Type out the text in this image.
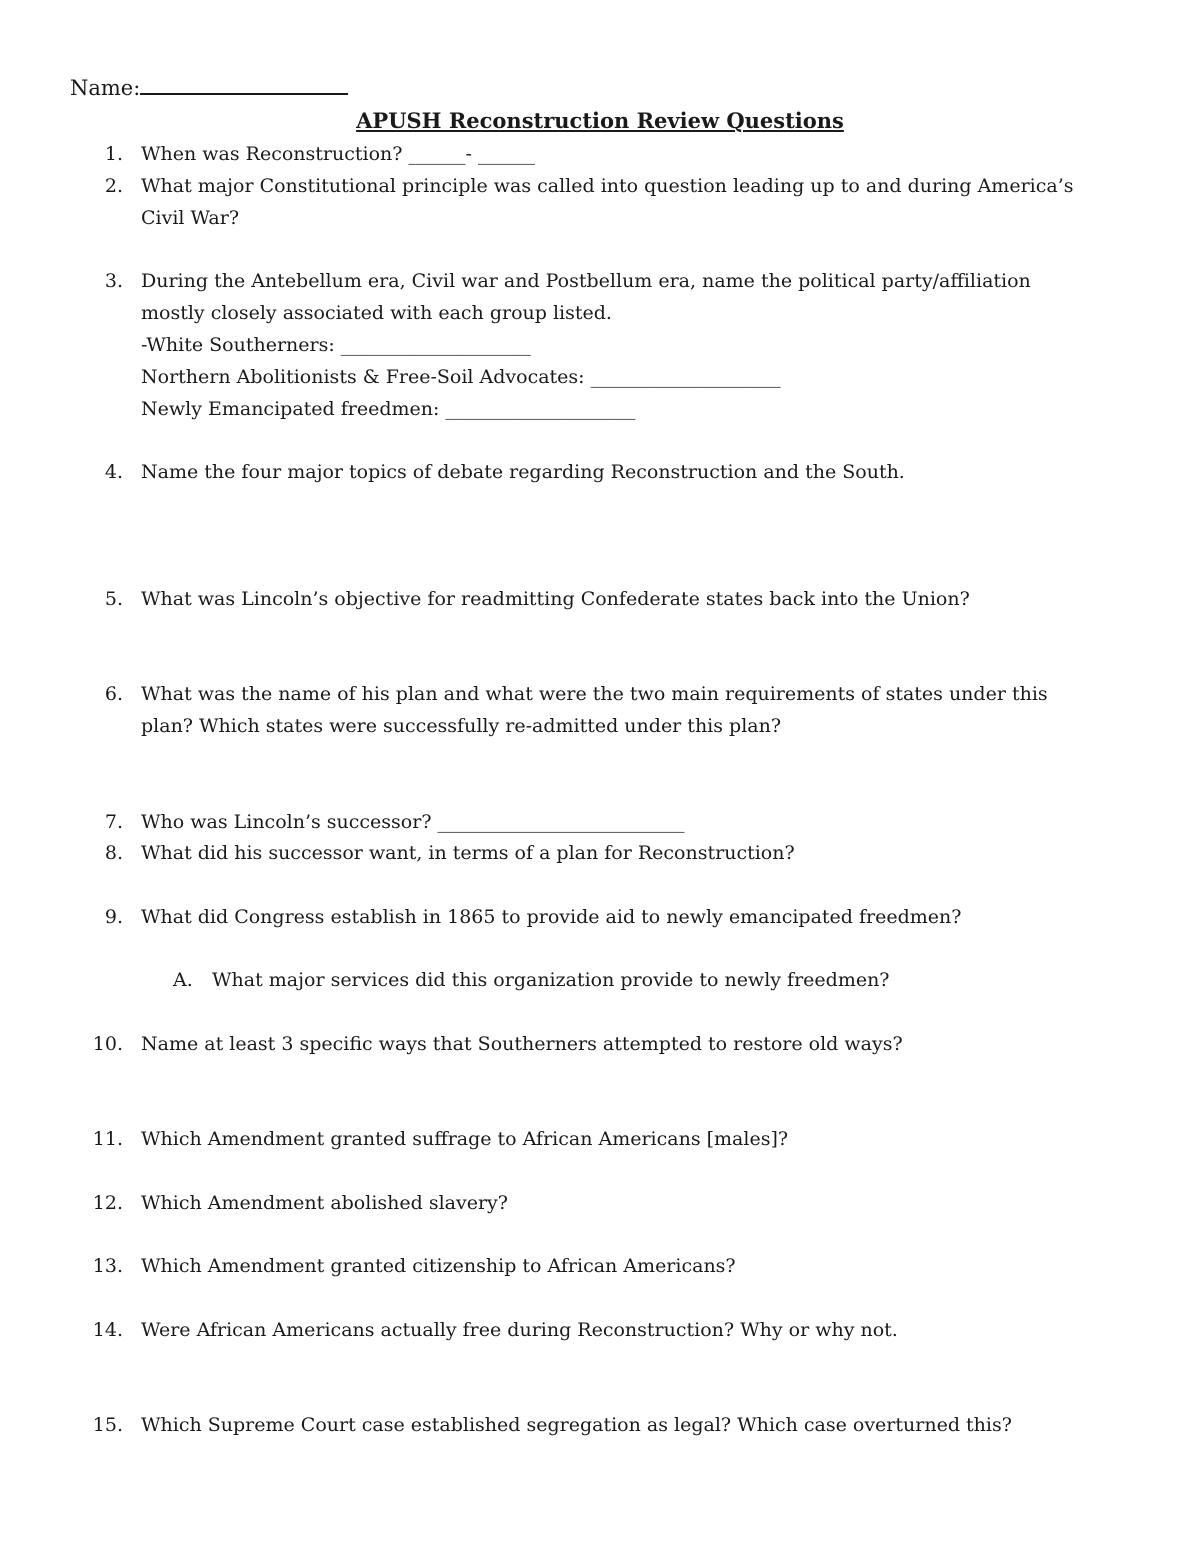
Name:
APUSH Reconstruction Review Questions
1. When was Reconstruction? ______- ______
2. What major Constitutional principle was called into question leading up to and during America’s
Civil War?
3. During the Antebellum era, Civil war and Postbellum era, name the political party/affiliation
mostly closely associated with each group listed.
-White Southerners: ____________________
Northern Abolitionists & Free-Soil Advocates: ____________________
Newly Emancipated freedmen: ____________________
4. Name the four major topics of debate regarding Reconstruction and the South.
5. What was Lincoln’s objective for readmitting Confederate states back into the Union?
6. What was the name of his plan and what were the two main requirements of states under this
plan? Which states were successfully re-admitted under this plan?
7. Who was Lincoln’s successor? __________________________
8. What did his successor want, in terms of a plan for Reconstruction?
9. What did Congress establish in 1865 to provide aid to newly emancipated freedmen?
A. What major services did this organization provide to newly freedmen?
10. Name at least 3 specific ways that Southerners attempted to restore old ways?
11. Which Amendment granted suffrage to African Americans [males]?
12. Which Amendment abolished slavery?
13. Which Amendment granted citizenship to African Americans?
14. Were African Americans actually free during Reconstruction? Why or why not.
15. Which Supreme Court case established segregation as legal? Which case overturned this?
